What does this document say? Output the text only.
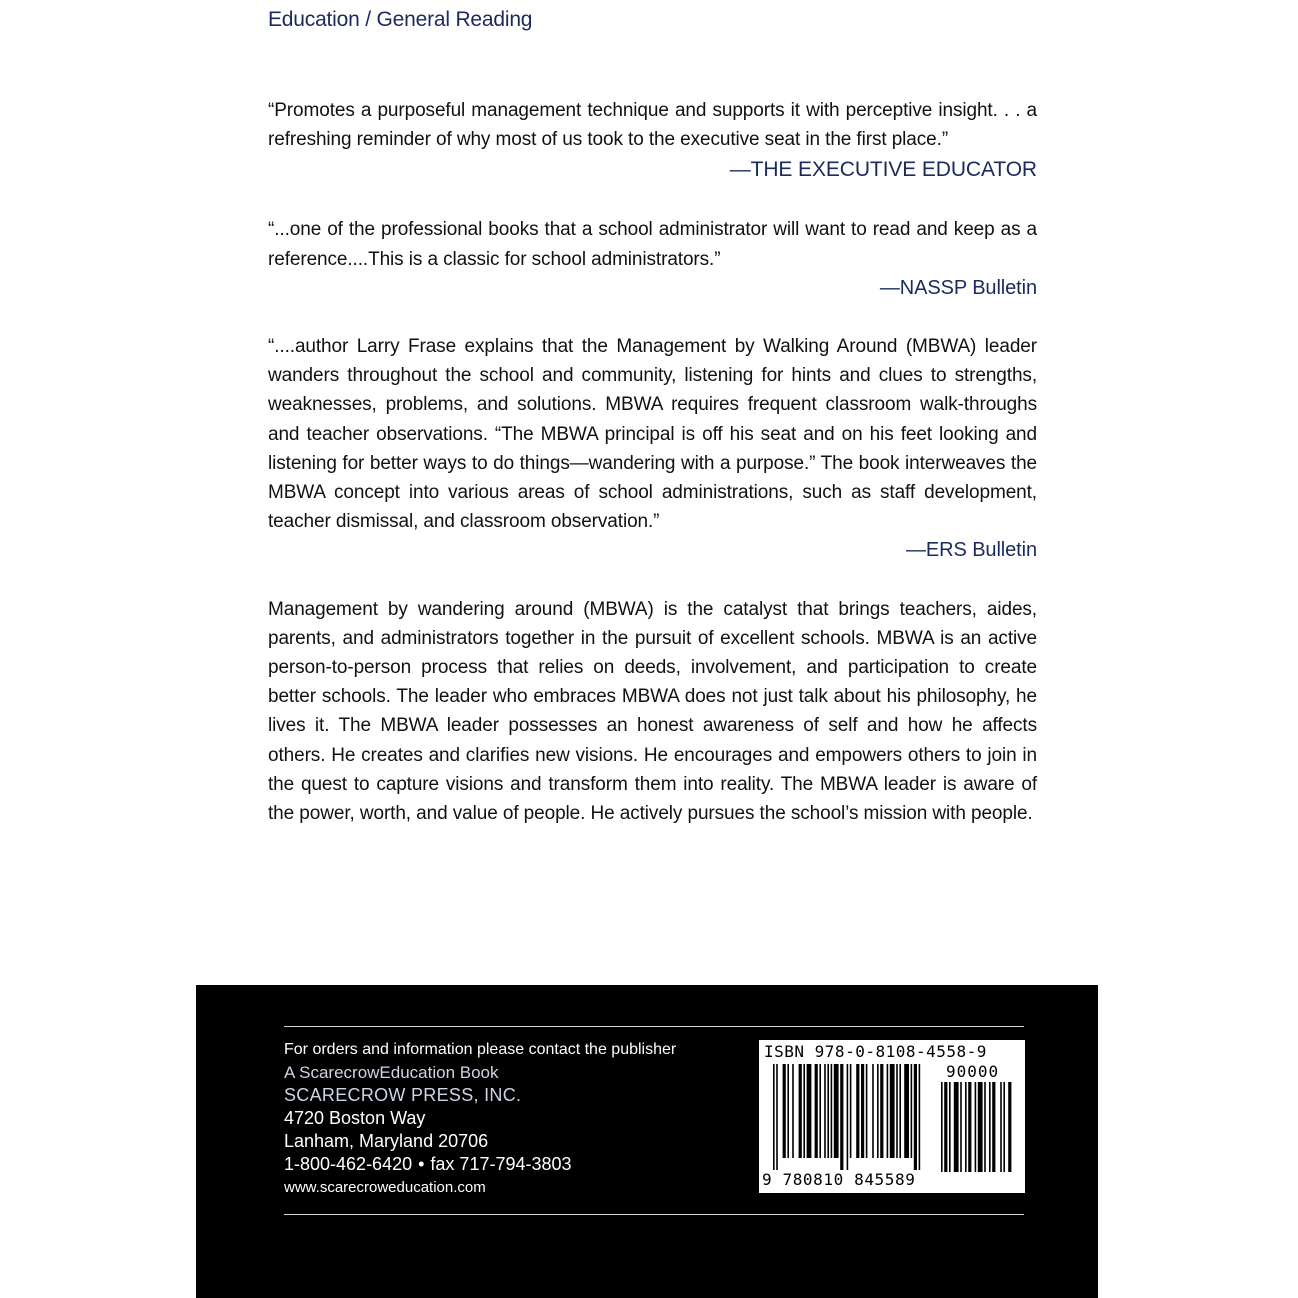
Education / General Reading

“Promotes a purposeful management technique and supports it with perceptive insight. . . a refreshing reminder of why most of us took to the executive seat in the first place.”

—THE EXECUTIVE EDUCATOR

“...one of the professional books that a school administrator will want to read and keep as a reference....This is a classic for school administrators.”

—NASSP Bulletin

“....author Larry Frase explains that the Management by Walking Around (MBWA) leader wanders throughout the school and community, listening for hints and clues to strengths, weaknesses, problems, and solutions. MBWA requires frequent classroom walk-throughs and teacher observations. “The MBWA principal is off his seat and on his feet looking and listening for better ways to do things—wandering with a purpose.” The book interweaves the MBWA concept into various areas of school administrations, such as staff development, teacher dismissal, and classroom observation.”

—ERS Bulletin

Management by wandering around (MBWA) is the catalyst that brings teachers, aides, parents, and administrators together in the pursuit of excellent schools. MBWA is an active person-to-person process that relies on deeds, involvement, and participation to create better schools. The leader who embraces MBWA does not just talk about his philosophy, he lives it. The MBWA leader possesses an honest awareness of self and how he affects others. He creates and clarifies new visions. He encourages and empowers others to join in the quest to capture visions and transform them into reality. The MBWA leader is aware of the power, worth, and value of people. He actively pursues the school’s mission with people.

For orders and information please contact the publisher
A ScarecrowEducation Book
SCARECROW PRESS, INC.
4720 Boston Way
Lanham, Maryland 20706
1-800-462-6420 • fax 717-794-3803
www.scarecroweducation.com
ISBN 978-0-8108-4558-9
90000
9 780810 845589
